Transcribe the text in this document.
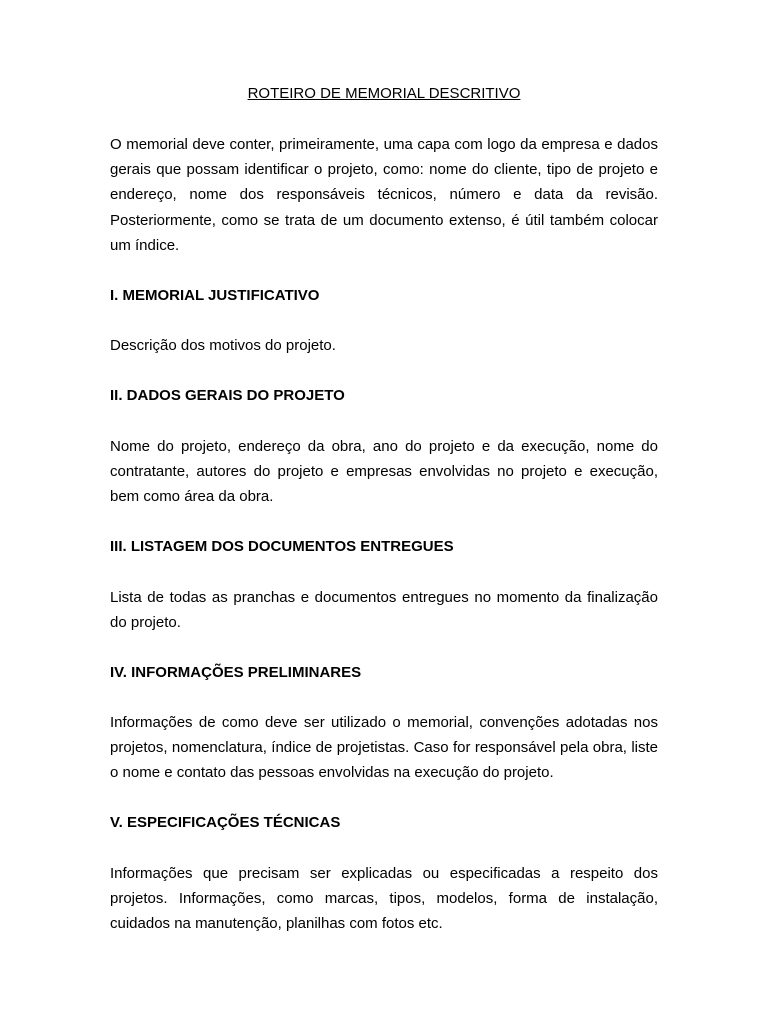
ROTEIRO DE MEMORIAL DESCRITIVO

O memorial deve conter, primeiramente, uma capa com logo da empresa e dados gerais que possam identificar o projeto, como: nome do cliente, tipo de projeto e endereço, nome dos responsáveis técnicos, número e data da revisão. Posteriormente, como se trata de um documento extenso, é útil também colocar um índice.

I. MEMORIAL JUSTIFICATIVO

Descrição dos motivos do projeto.

II. DADOS GERAIS DO PROJETO

Nome do projeto, endereço da obra, ano do projeto e da execução, nome do contratante, autores do projeto e empresas envolvidas no projeto e execução, bem como área da obra.

III. LISTAGEM DOS DOCUMENTOS ENTREGUES

Lista de todas as pranchas e documentos entregues no momento da finalização do projeto.

IV. INFORMAÇÕES PRELIMINARES

Informações de como deve ser utilizado o memorial, convenções adotadas nos projetos, nomenclatura, índice de projetistas. Caso for responsável pela obra, liste o nome e contato das pessoas envolvidas na execução do projeto.

V. ESPECIFICAÇÕES TÉCNICAS

Informações que precisam ser explicadas ou especificadas a respeito dos projetos. Informações, como marcas, tipos, modelos, forma de instalação, cuidados na manutenção, planilhas com fotos etc.
